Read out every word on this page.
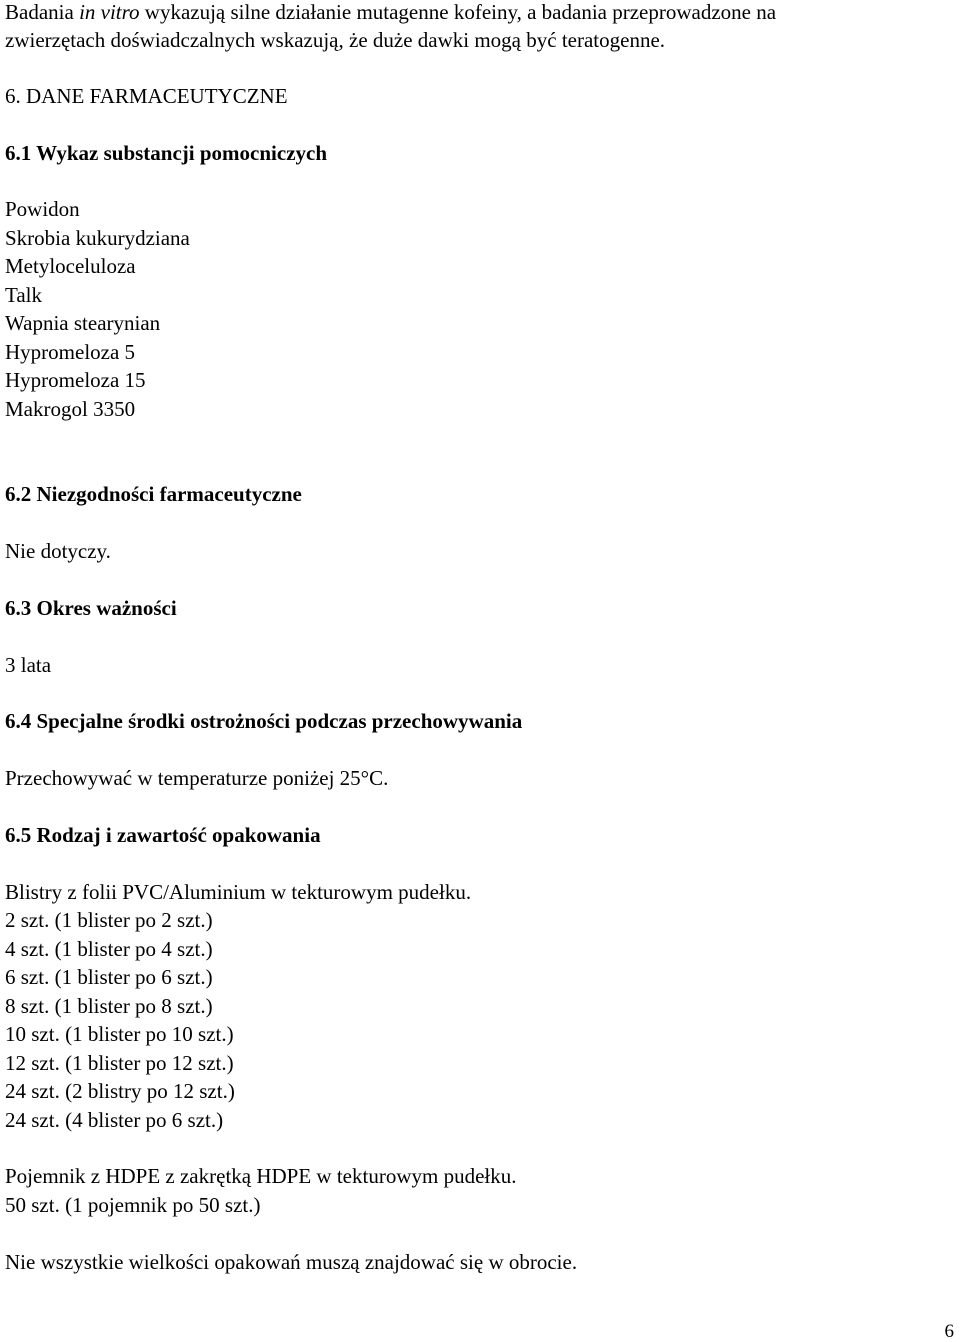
Badania in vitro wykazują silne działanie mutagenne kofeiny, a badania przeprowadzone na
zwierzętach doświadczalnych wskazują, że duże dawki mogą być teratogenne.
6. DANE FARMACEUTYCZNE
6.1 Wykaz substancji pomocniczych
Powidon
Skrobia kukurydziana
Metyloceluloza
Talk
Wapnia stearynian
Hypromeloza 5
Hypromeloza 15
Makrogol 3350
6.2 Niezgodności farmaceutyczne
Nie dotyczy.
6.3 Okres ważności
3 lata
6.4 Specjalne środki ostrożności podczas przechowywania
Przechowywać w temperaturze poniżej 25°C.
6.5 Rodzaj i zawartość opakowania
Blistry z folii PVC/Aluminium w tekturowym pudełku.
2 szt. (1 blister po 2 szt.)
4 szt. (1 blister po 4 szt.)
6 szt. (1 blister po 6 szt.)
8 szt. (1 blister po 8 szt.)
10 szt. (1 blister po 10 szt.)
12 szt. (1 blister po 12 szt.)
24 szt. (2 blistry po 12 szt.)
24 szt. (4 blister po 6 szt.)
Pojemnik z HDPE z zakrętką HDPE w tekturowym pudełku.
50 szt. (1 pojemnik po 50 szt.)
Nie wszystkie wielkości opakowań muszą znajdować się w obrocie.
6
